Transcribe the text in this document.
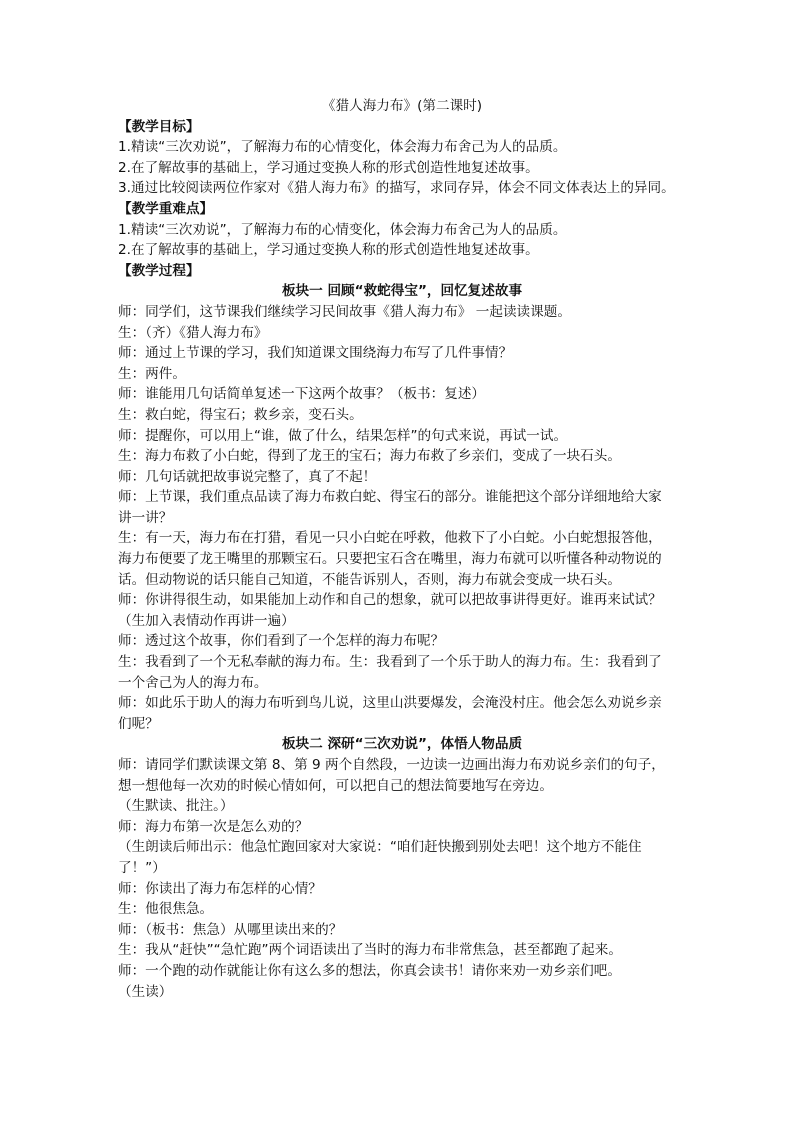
《猎人海力布》(第二课时)
【教学目标】
1.精读“三次劝说”，了解海力布的心情变化，体会海力布舍己为人的品质。
2.在了解故事的基础上，学习通过变换人称的形式创造性地复述故事。
3.通过比较阅读两位作家对《猎人海力布》的描写，求同存异，体会不同文体表达上的异同。
【教学重难点】
1.精读“三次劝说”，了解海力布的心情变化，体会海力布舍己为人的品质。
2.在了解故事的基础上，学习通过变换人称的形式创造性地复述故事。
【教学过程】
板块一 回顾“救蛇得宝”，回忆复述故事
师：同学们，这节课我们继续学习民间故事《猎人海力布》 一起读读课题。
生：（齐）《猎人海力布》
师：通过上节课的学习，我们知道课文围绕海力布写了几件事情？
生：两件。
师：谁能用几句话简单复述一下这两个故事？（板书：复述）
生：救白蛇，得宝石；救乡亲，变石头。
师：提醒你，可以用上“谁，做了什么，结果怎样”的句式来说，再试一试。
生：海力布救了小白蛇，得到了龙王的宝石；海力布救了乡亲们，变成了一块石头。
师：几句话就把故事说完整了，真了不起！
师：上节课，我们重点品读了海力布救白蛇、得宝石的部分。谁能把这个部分详细地给大家
讲一讲？
生：有一天，海力布在打猎，看见一只小白蛇在呼救，他救下了小白蛇。小白蛇想报答他，
海力布便要了龙王嘴里的那颗宝石。只要把宝石含在嘴里，海力布就可以听懂各种动物说的
话。但动物说的话只能自己知道，不能告诉别人，否则，海力布就会变成一块石头。
师：你讲得很生动，如果能加上动作和自己的想象，就可以把故事讲得更好。谁再来试试？
（生加入表情动作再讲一遍）
师：透过这个故事，你们看到了一个怎样的海力布呢？
生：我看到了一个无私奉献的海力布。生：我看到了一个乐于助人的海力布。生：我看到了
一个舍己为人的海力布。
师：如此乐于助人的海力布听到鸟儿说，这里山洪要爆发，会淹没村庄。他会怎么劝说乡亲
们呢？
板块二 深研“三次劝说”，体悟人物品质
师：请同学们默读课文第 8、第 9 两个自然段，一边读一边画出海力布劝说乡亲们的句子，
想一想他每一次劝的时候心情如何，可以把自己的想法简要地写在旁边。
（生默读、批注。）
师：海力布第一次是怎么劝的？
（生朗读后师出示：他急忙跑回家对大家说：“咱们赶快搬到别处去吧！这个地方不能住
了！”）
师：你读出了海力布怎样的心情？
生：他很焦急。
师：（板书：焦急）从哪里读出来的？
生：我从“赶快”“急忙跑”两个词语读出了当时的海力布非常焦急，甚至都跑了起来。
师：一个跑的动作就能让你有这么多的想法，你真会读书！请你来劝一劝乡亲们吧。
（生读）
